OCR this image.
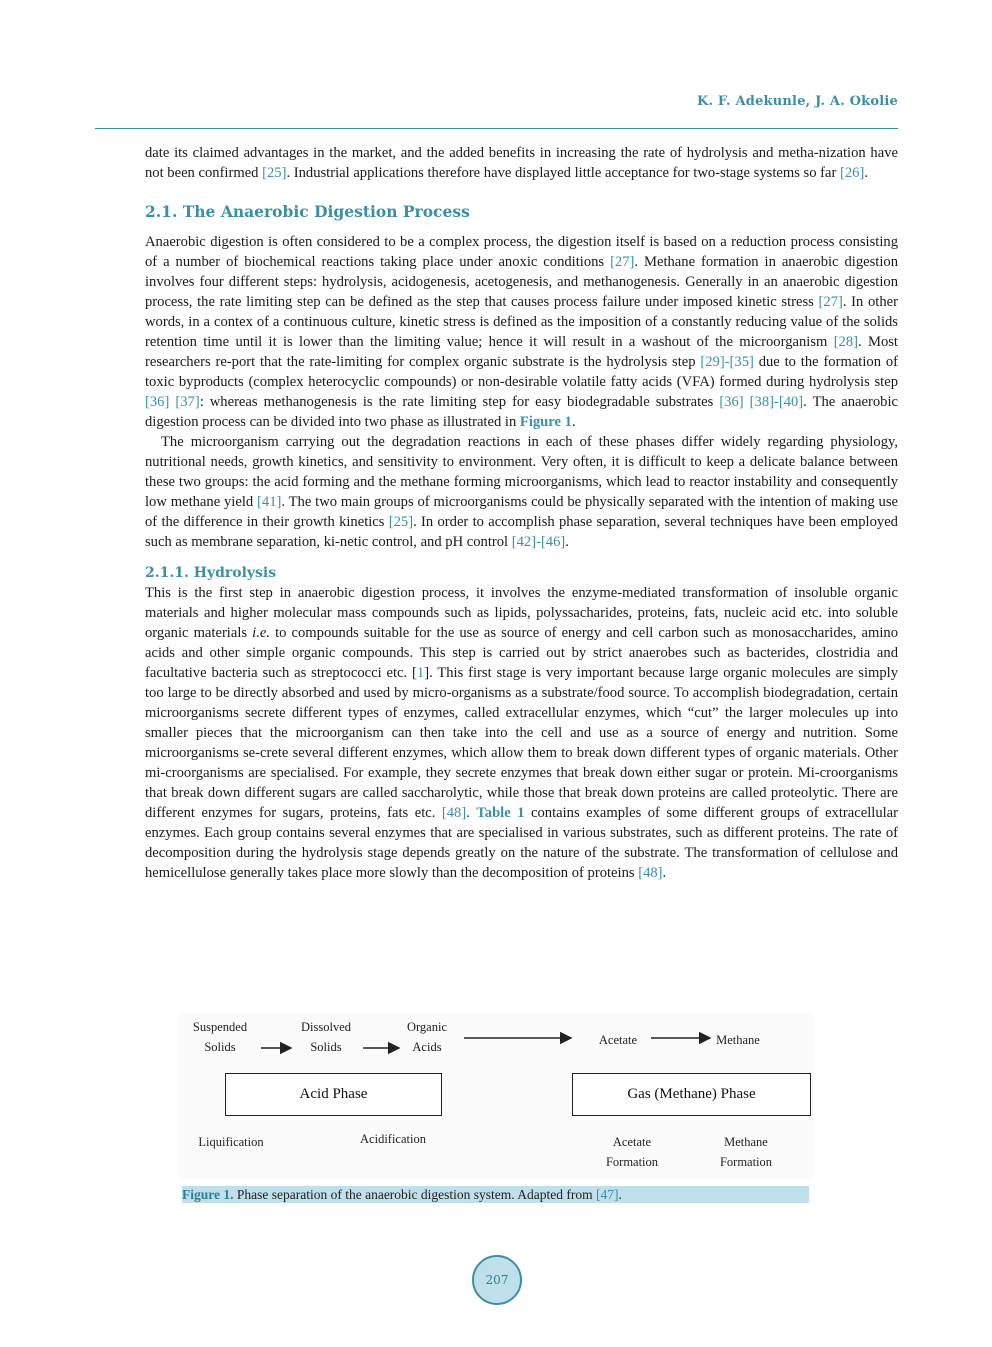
K. F. Adekunle, J. A. Okolie

date its claimed advantages in the market, and the added benefits in increasing the rate of hydrolysis and metha-nization have not been confirmed [25]. Industrial applications therefore have displayed little acceptance for two-stage systems so far [26].

2.1. The Anaerobic Digestion Process

Anaerobic digestion is often considered to be a complex process, the digestion itself is based on a reduction process consisting of a number of biochemical reactions taking place under anoxic conditions [27]. Methane formation in anaerobic digestion involves four different steps: hydrolysis, acidogenesis, acetogenesis, and methanogenesis. Generally in an anaerobic digestion process, the rate limiting step can be defined as the step that causes process failure under imposed kinetic stress [27]. In other words, in a contex of a continuous culture, kinetic stress is defined as the imposition of a constantly reducing value of the solids retention time until it is lower than the limiting value; hence it will result in a washout of the microorganism [28]. Most researchers re-port that the rate-limiting for complex organic substrate is the hydrolysis step [29]-[35] due to the formation of toxic byproducts (complex heterocyclic compounds) or non-desirable volatile fatty acids (VFA) formed during hydrolysis step [36] [37]: whereas methanogenesis is the rate limiting step for easy biodegradable substrates [36] [38]-[40]. The anaerobic digestion process can be divided into two phase as illustrated in Figure 1.

The microorganism carrying out the degradation reactions in each of these phases differ widely regarding physiology, nutritional needs, growth kinetics, and sensitivity to environment. Very often, it is difficult to keep a delicate balance between these two groups: the acid forming and the methane forming microorganisms, which lead to reactor instability and consequently low methane yield [41]. The two main groups of microorganisms could be physically separated with the intention of making use of the difference in their growth kinetics [25]. In order to accomplish phase separation, several techniques have been employed such as membrane separation, ki-netic control, and pH control [42]-[46].

2.1.1. Hydrolysis

This is the first step in anaerobic digestion process, it involves the enzyme-mediated transformation of insoluble organic materials and higher molecular mass compounds such as lipids, polyssacharides, proteins, fats, nucleic acid etc. into soluble organic materials i.e. to compounds suitable for the use as source of energy and cell carbon such as monosaccharides, amino acids and other simple organic compounds. This step is carried out by strict anaerobes such as bacterides, clostridia and facultative bacteria such as streptococci etc. [1]. This first stage is very important because large organic molecules are simply too large to be directly absorbed and used by micro-organisms as a substrate/food source. To accomplish biodegradation, certain microorganisms secrete different types of enzymes, called extracellular enzymes, which “cut” the larger molecules up into smaller pieces that the microorganism can then take into the cell and use as a source of energy and nutrition. Some microorganisms se-crete several different enzymes, which allow them to break down different types of organic materials. Other mi-croorganisms are specialised. For example, they secrete enzymes that break down either sugar or protein. Mi-croorganisms that break down different sugars are called saccharolytic, while those that break down proteins are called proteolytic. There are different enzymes for sugars, proteins, fats etc. [48]. Table 1 contains examples of some different groups of extracellular enzymes. Each group contains several enzymes that are specialised in various substrates, such as different proteins. The rate of decomposition during the hydrolysis stage depends greatly on the nature of the substrate. The transformation of cellulose and hemicellulose generally takes place more slowly than the decomposition of proteins [48].

Suspended Solids
Dissolved Solids
Organic Acids	Acetate	Methane
Acid Phase	Gas (Methane) Phase
Liquification	Acidification	Acetate Formation
Methane Formation
Figure 1. Phase separation of the anaerobic digestion system. Adapted from [47].
207
